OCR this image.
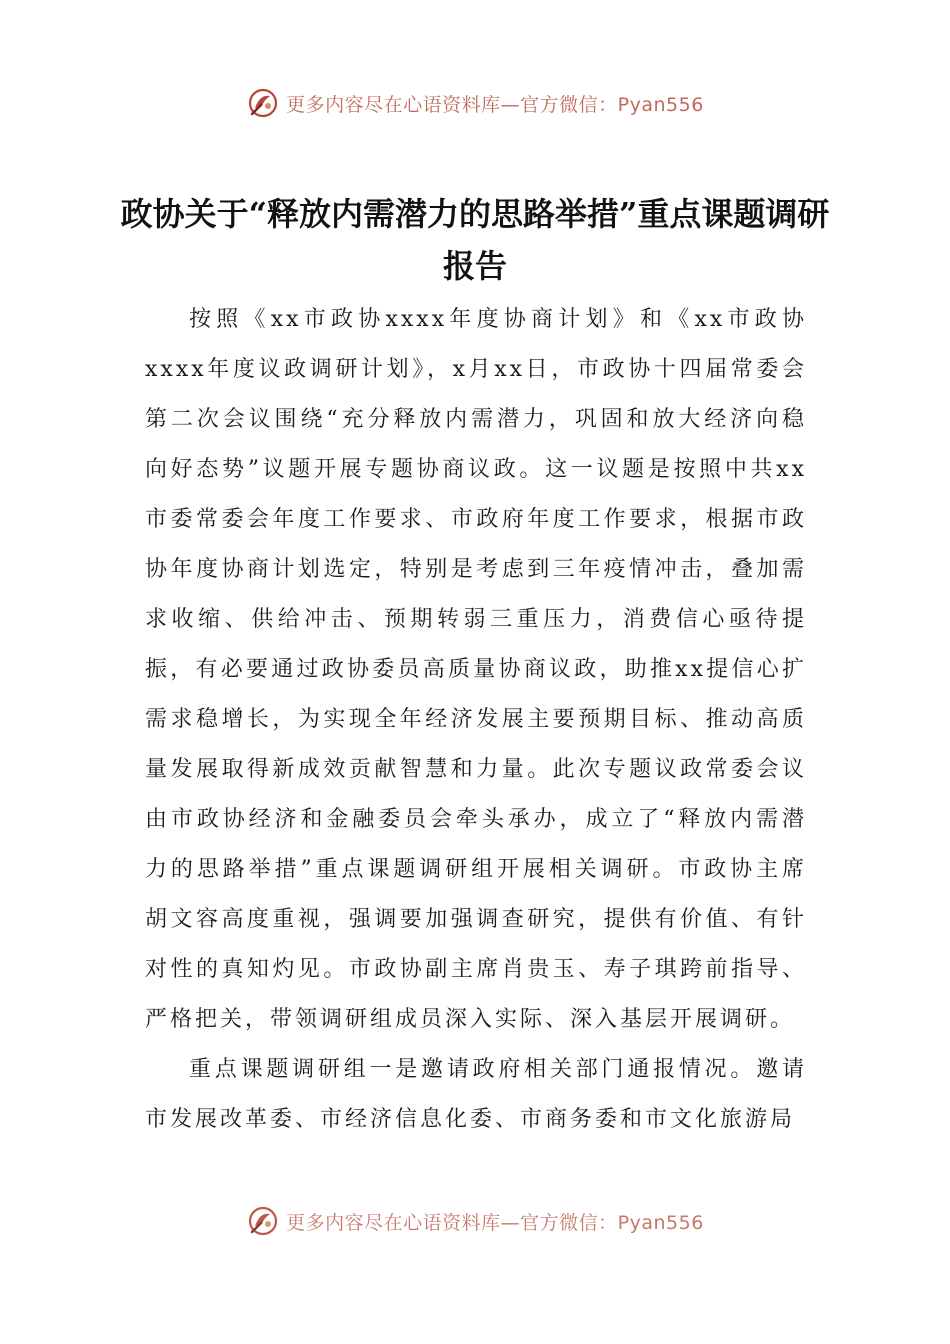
更多内容尽在心语资料库—官方微信：Pyan556
政协关于“释放内需潜力的思路举措”重点课题调研报告

按照《xx市政协xxxx年度协商计划》和《xx市政协xxxx年度议政调研计划》，x月xx日，市政协十四届常委会第二次会议围绕“充分释放内需潜力，巩固和放大经济向稳向好态势”议题开展专题协商议政。这一议题是按照中共xx市委常委会年度工作要求、市政府年度工作要求，根据市政协年度协商计划选定，特别是考虑到三年疫情冲击，叠加需求收缩、供给冲击、预期转弱三重压力，消费信心亟待提振，有必要通过政协委员高质量协商议政，助推xx提信心扩需求稳增长，为实现全年经济发展主要预期目标、推动高质量发展取得新成效贡献智慧和力量。此次专题议政常委会议由市政协经济和金融委员会牵头承办，成立了“释放内需潜力的思路举措”重点课题调研组开展相关调研。市政协主席胡文容高度重视，强调要加强调查研究，提供有价值、有针对性的真知灼见。市政协副主席肖贵玉、寿子琪跨前指导、严格把关，带领调研组成员深入实际、深入基层开展调研。

重点课题调研组一是邀请政府相关部门通报情况。邀请市发展改革委、市经济信息化委、市商务委和市文化旅游局

更多内容尽在心语资料库—官方微信：Pyan556
